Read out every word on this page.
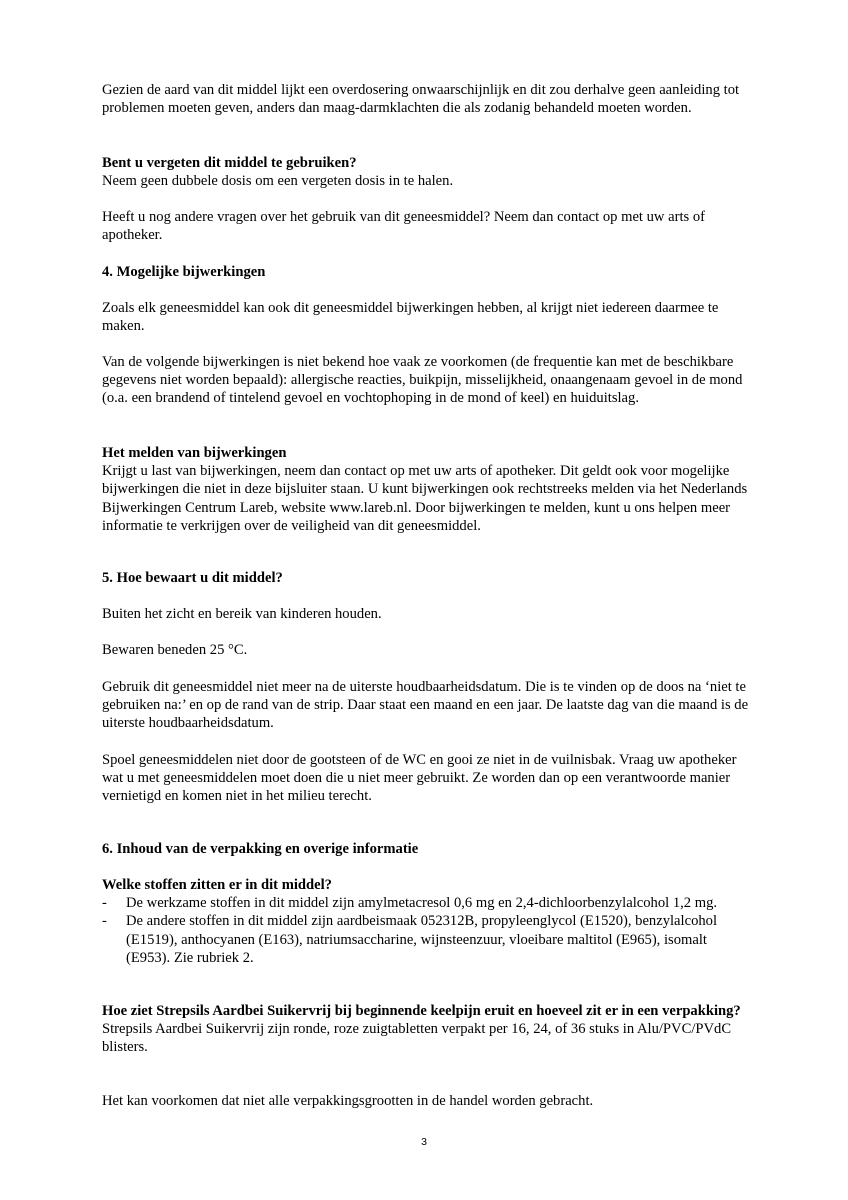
Gezien de aard van dit middel lijkt een overdosering onwaarschijnlijk en dit zou derhalve geen aanleiding tot problemen moeten geven, anders dan maag-darmklachten die als zodanig behandeld moeten worden.

Bent u vergeten dit middel te gebruiken?

Neem geen dubbele dosis om een vergeten dosis in te halen.

Heeft u nog andere vragen over het gebruik van dit geneesmiddel? Neem dan contact op met uw arts of apotheker.

4. Mogelijke bijwerkingen

Zoals elk geneesmiddel kan ook dit geneesmiddel bijwerkingen hebben, al krijgt niet iedereen daarmee te maken.

Van de volgende bijwerkingen is niet bekend hoe vaak ze voorkomen (de frequentie kan met de beschikbare gegevens niet worden bepaald): allergische reacties, buikpijn, misselijkheid, onaangenaam gevoel in de mond (o.a. een brandend of tintelend gevoel en vochtophoping in de mond of keel) en huiduitslag.

Het melden van bijwerkingen

Krijgt u last van bijwerkingen, neem dan contact op met uw arts of apotheker. Dit geldt ook voor mogelijke bijwerkingen die niet in deze bijsluiter staan. U kunt bijwerkingen ook rechtstreeks melden via het Nederlands Bijwerkingen Centrum Lareb, website www.lareb.nl. Door bijwerkingen te melden, kunt u ons helpen meer informatie te verkrijgen over de veiligheid van dit geneesmiddel.

5. Hoe bewaart u dit middel?

Buiten het zicht en bereik van kinderen houden.

Bewaren beneden 25 °C.

Gebruik dit geneesmiddel niet meer na de uiterste houdbaarheidsdatum. Die is te vinden op de doos na ‘niet te gebruiken na:’ en op de rand van de strip. Daar staat een maand en een jaar. De laatste dag van die maand is de uiterste houdbaarheidsdatum.

Spoel geneesmiddelen niet door de gootsteen of de WC en gooi ze niet in de vuilnisbak. Vraag uw apotheker wat u met geneesmiddelen moet doen die u niet meer gebruikt. Ze worden dan op een verantwoorde manier vernietigd en komen niet in het milieu terecht.

6. Inhoud van de verpakking en overige informatie

Welke stoffen zitten er in dit middel?

- De werkzame stoffen in dit middel zijn amylmetacresol 0,6 mg en 2,4-dichloorbenzylalcohol 1,2 mg.
- De andere stoffen in dit middel zijn aardbeismaak 052312B, propyleenglycol (E1520), benzylalcohol (E1519), anthocyanen (E163), natriumsaccharine, wijnsteenzuur, vloeibare maltitol (E965), isomalt (E953). Zie rubriek 2.

Hoe ziet Strepsils Aardbei Suikervrij bij beginnende keelpijn eruit en hoeveel zit er in een verpakking?

Strepsils Aardbei Suikervrij zijn ronde, roze zuigtabletten verpakt per 16, 24, of 36 stuks in Alu/PVC/PVdC blisters.

Het kan voorkomen dat niet alle verpakkingsgrootten in de handel worden gebracht.

3
